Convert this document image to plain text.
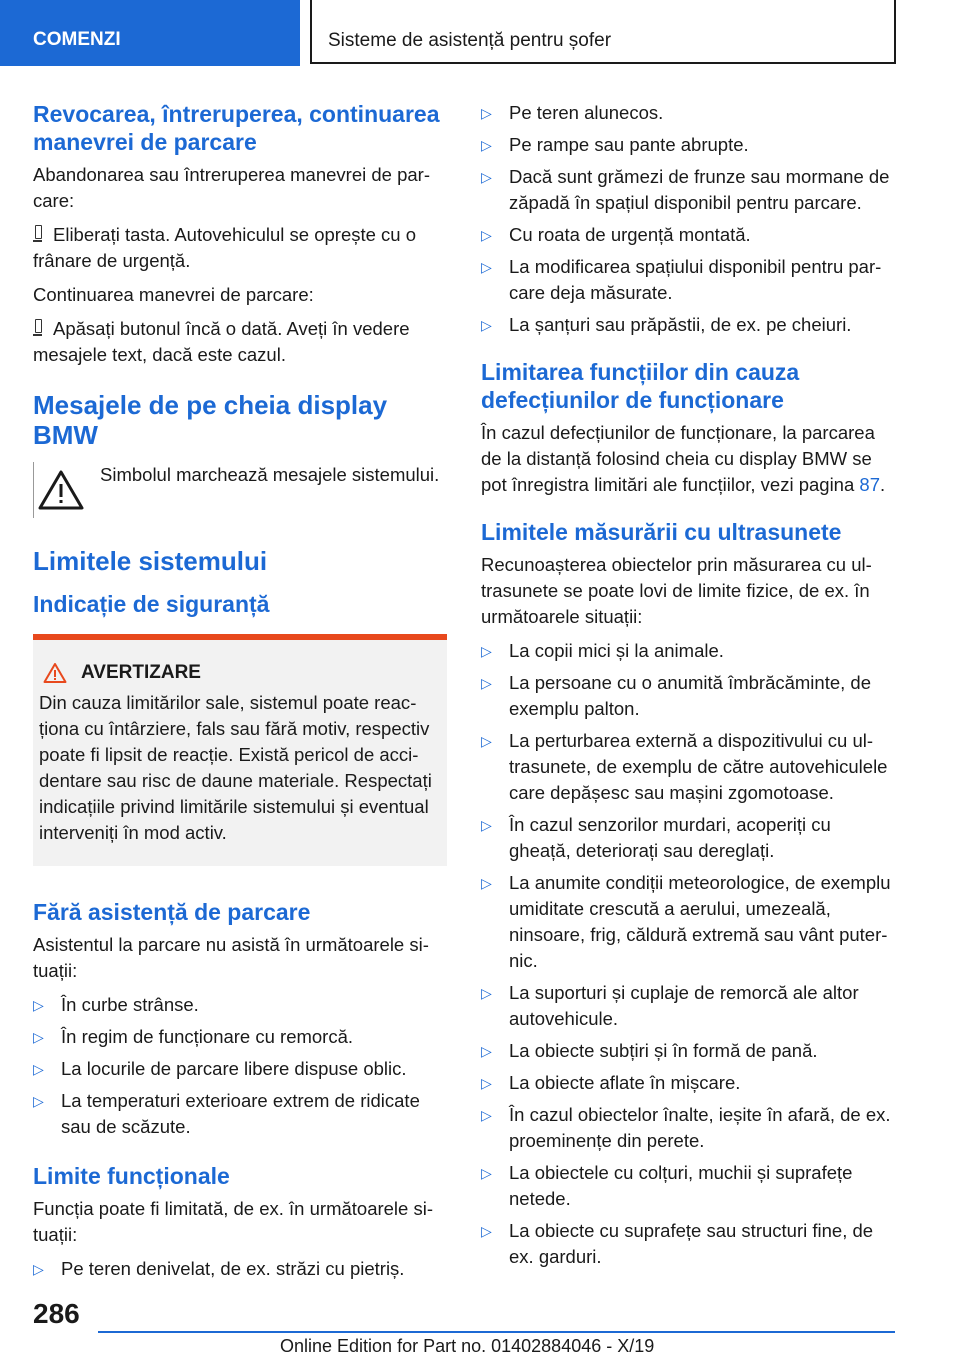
COMENZI	Sisteme de asistență pentru șofer
Revocarea, întreruperea, continuarea manevrei de parcare

Abandonarea sau întreruperea manevrei de parcare:

Eliberați tasta. Autovehiculul se oprește cu o frânare de urgență.

Continuarea manevrei de parcare:

Apăsați butonul încă o dată. Aveți în vedere mesajele text, dacă este cazul.

Mesajele de pe cheia display BMW

Simbolul marchează mesajele sistemului.

Limitele sistemului
Indicație de siguranță
AVERTIZARE

Din cauza limitărilor sale, sistemul poate reacționa cu întârziere, fals sau fără motiv, respectiv poate fi lipsit de reacție. Există pericol de accidentare sau risc de daune materiale. Respectați indicațiile privind limitările sistemului și eventual interveniți în mod activ.

Fără asistență de parcare

Asistentul la parcare nu asistă în următoarele situații:

▷ În curbe strânse.
▷ În regim de funcționare cu remorcă.
▷ La locurile de parcare libere dispuse oblic.
▷ La temperaturi exterioare extrem de ridicate sau de scăzute.
Limite funcționale

Funcția poate fi limitată, de ex. în următoarele situații:

▷ Pe teren denivelat, de ex. străzi cu pietriș.
▷ Pe teren alunecos.
▷ Pe rampe sau pante abrupte.
▷ Dacă sunt grămezi de frunze sau mormane de zăpadă în spațiul disponibil pentru parcare.
▷ Cu roata de urgență montată.
▷ La modificarea spațiului disponibil pentru parcare deja măsurate.
▷ La șanțuri sau prăpăstii, de ex. pe cheiuri.
Limitarea funcțiilor din cauza defecțiunilor de funcționare

În cazul defecțiunilor de funcționare, la parcarea de la distanță folosind cheia cu display BMW se pot înregistra limitări ale funcțiilor, vezi pagina 87.

Limitele măsurării cu ultrasunete

Recunoașterea obiectelor prin măsurarea cu ultrasunete se poate lovi de limite fizice, de ex. în următoarele situații:

▷ La copii mici și la animale.
▷ La persoane cu o anumită îmbrăcăminte, de exemplu palton.
▷ La perturbarea externă a dispozitivului cu ultrasunete, de exemplu de către autovehiculele care depășesc sau mașini zgomotoase.
▷ În cazul senzorilor murdari, acoperiți cu gheață, deteriorați sau dereglați.
▷ La anumite condiții meteorologice, de exemplu umiditate crescută a aerului, umezeală, ninsoare, frig, căldură extremă sau vânt puternic.
▷ La suporturi și cuplaje de remorcă ale altor autovehicule.
▷ La obiecte subțiri și în formă de pană.
▷ La obiecte aflate în mișcare.
▷ În cazul obiectelor înalte, ieșite în afară, de ex. proeminențe din perete.
▷ La obiectele cu colțuri, muchii și suprafețe netede.
▷ La obiecte cu suprafețe sau structuri fine, de ex. garduri.
286
Online Edition for Part no. 01402884046 - X/19
